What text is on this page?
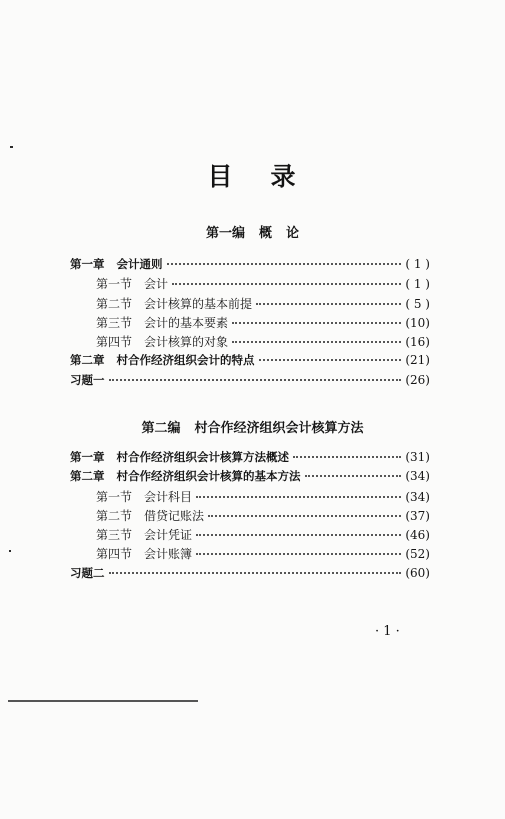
目 录
第一编 概 论
第一章 会计通则	( 1 )
第一节 会计	( 1 )
第二节 会计核算的基本前提	( 5 )
第三节 会计的基本要素	(10)
第四节 会计核算的对象	(16)
第二章 村合作经济组织会计的特点	(21)
习题一	(26)
第二编 村合作经济组织会计核算方法
第一章 村合作经济组织会计核算方法概述	(31)
第二章 村合作经济组织会计核算的基本方法	(34)
第一节 会计科目	(34)
第二节 借贷记账法	(37)
第三节 会计凭证	(46)
第四节 会计账簿	(52)
习题二	(60)
· 1 ·
